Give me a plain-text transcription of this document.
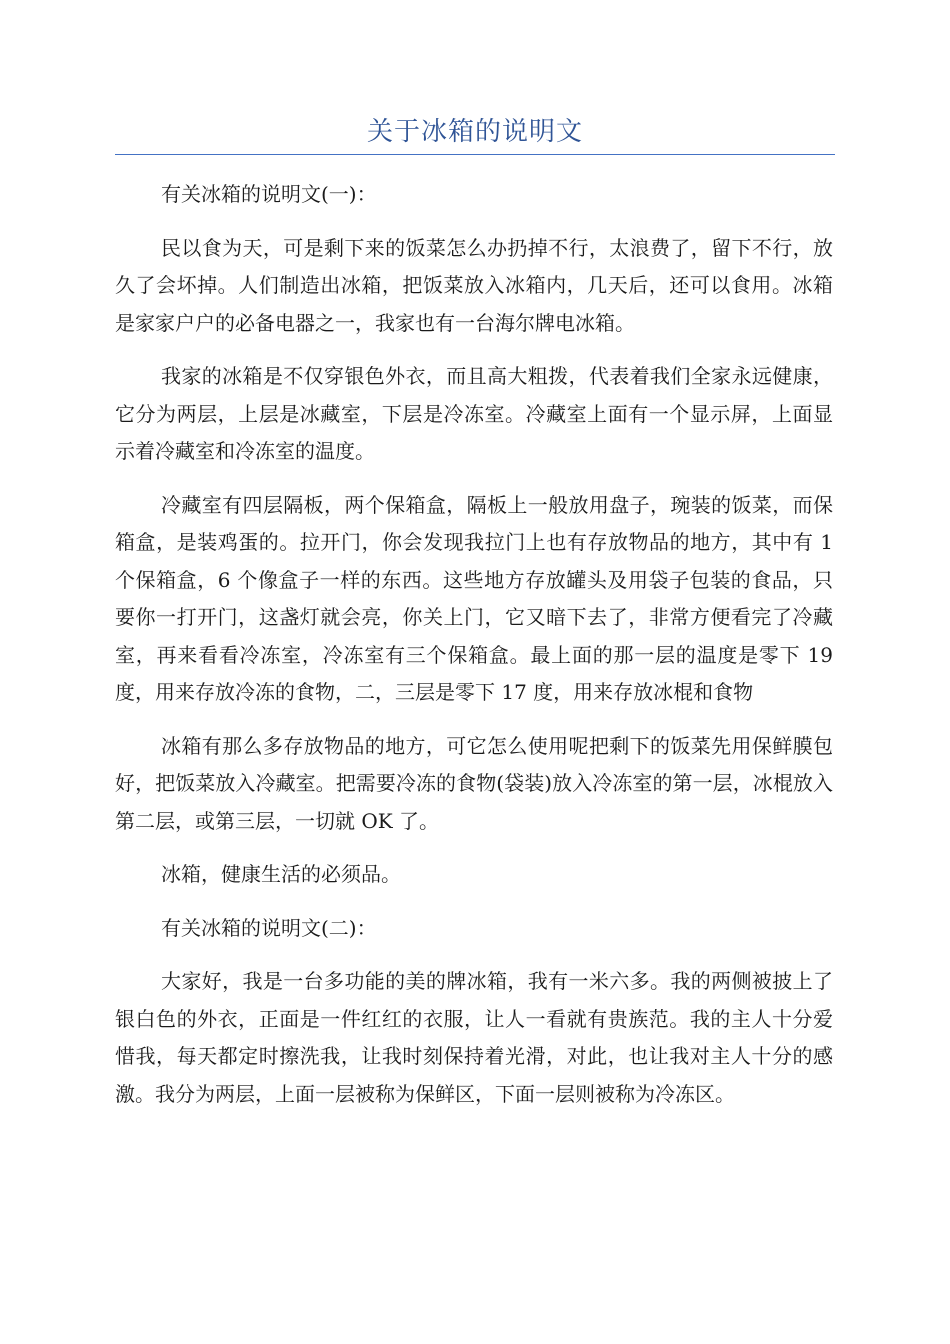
关于冰箱的说明文

有关冰箱的说明文(一)：

民以食为天，可是剩下来的饭菜怎么办扔掉不行，太浪费了，留下不行，放久了会坏掉。人们制造出冰箱，把饭菜放入冰箱内，几天后，还可以食用。冰箱是家家户户的必备电器之一，我家也有一台海尔牌电冰箱。

我家的冰箱是不仅穿银色外衣，而且高大粗拨，代表着我们全家永远健康，它分为两层，上层是冰藏室，下层是冷冻室。冷藏室上面有一个显示屏，上面显示着冷藏室和冷冻室的温度。

冷藏室有四层隔板，两个保箱盒，隔板上一般放用盘子，琬装的饭菜，而保箱盒，是装鸡蛋的。拉开门，你会发现我拉门上也有存放物品的地方，其中有 1 个保箱盒，6 个像盒子一样的东西。这些地方存放罐头及用袋子包装的食品，只要你一打开门，这盏灯就会亮，你关上门，它又暗下去了，非常方便看完了冷藏室，再来看看冷冻室，冷冻室有三个保箱盒。最上面的那一层的温度是零下 19 度，用来存放冷冻的食物，二，三层是零下 17 度，用来存放冰棍和食物

冰箱有那么多存放物品的地方，可它怎么使用呢把剩下的饭菜先用保鲜膜包好，把饭菜放入冷藏室。把需要冷冻的食物(袋装)放入冷冻室的第一层，冰棍放入第二层，或第三层，一切就 OK 了。

冰箱，健康生活的必须品。

有关冰箱的说明文(二)：

大家好，我是一台多功能的美的牌冰箱，我有一米六多。我的两侧被披上了银白色的外衣，正面是一件红红的衣服，让人一看就有贵族范。我的主人十分爱惜我，每天都定时擦洗我，让我时刻保持着光滑，对此，也让我对主人十分的感激。我分为两层，上面一层被称为保鲜区，下面一层则被称为冷冻区。
